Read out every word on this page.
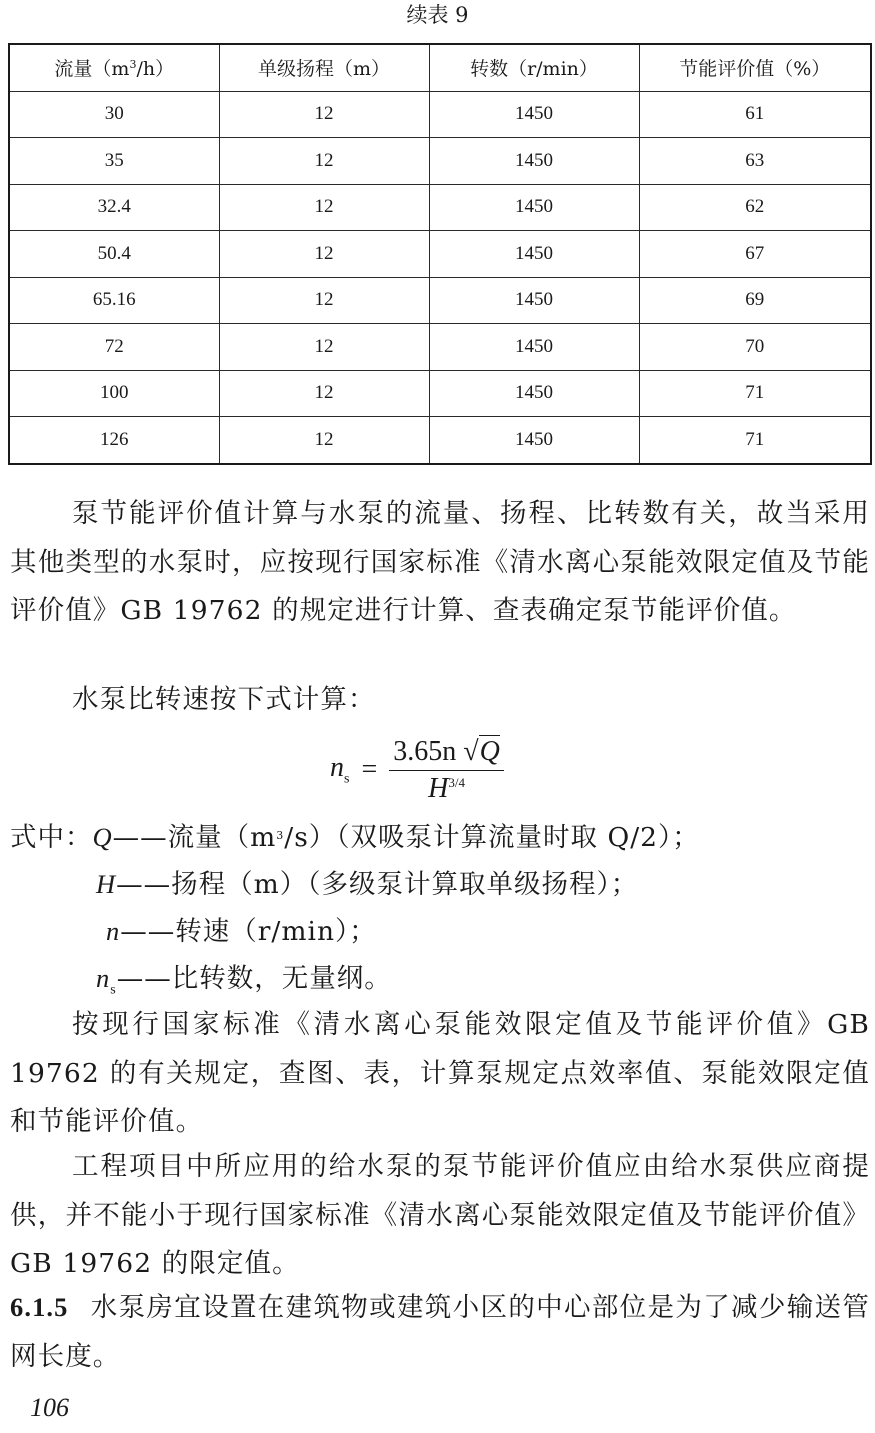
续表 9
流量$(m^3/h)$	单级扬程（m）	转数（r/min）	节能评价值（%）
30	12	1450	61
35	12	1450	63
32.4	12	1450	62
50.4	12	1450	67
65.16	12	1450	69
72	12	1450	70
100	12	1450	71
126	12	1450	71

泵节能评价值计算与水泵的流量、扬程、比转数有关，故当采用其他类型的水泵时，应按现行国家标准《清水离心泵能效限定值及节能评价值》GB 19762 的规定进行计算、查表确定泵节能评价值。

水泵比转速按下式计算：

$n_s = \frac{3.65n √Q}{H^{3/4}}$
式中：Q——流量$(m^3/s)$（双吸泵计算流量时取 Q/2）；
H——扬程（m）（多级泵计算取单级扬程）；
n——转速（r/min）；
$n_s——$比转数，无量纲。

按现行国家标准《清水离心泵能效限定值及节能评价值》GB 19762 的有关规定，查图、表，计算泵规定点效率值、泵能效限定值和节能评价值。

工程项目中所应用的给水泵的泵节能评价值应由给水泵供应商提供，并不能小于现行国家标准《清水离心泵能效限定值及节能评价值》GB 19762 的限定值。

6.1.5 水泵房宜设置在建筑物或建筑小区的中心部位是为了减少输送管网长度。

106
